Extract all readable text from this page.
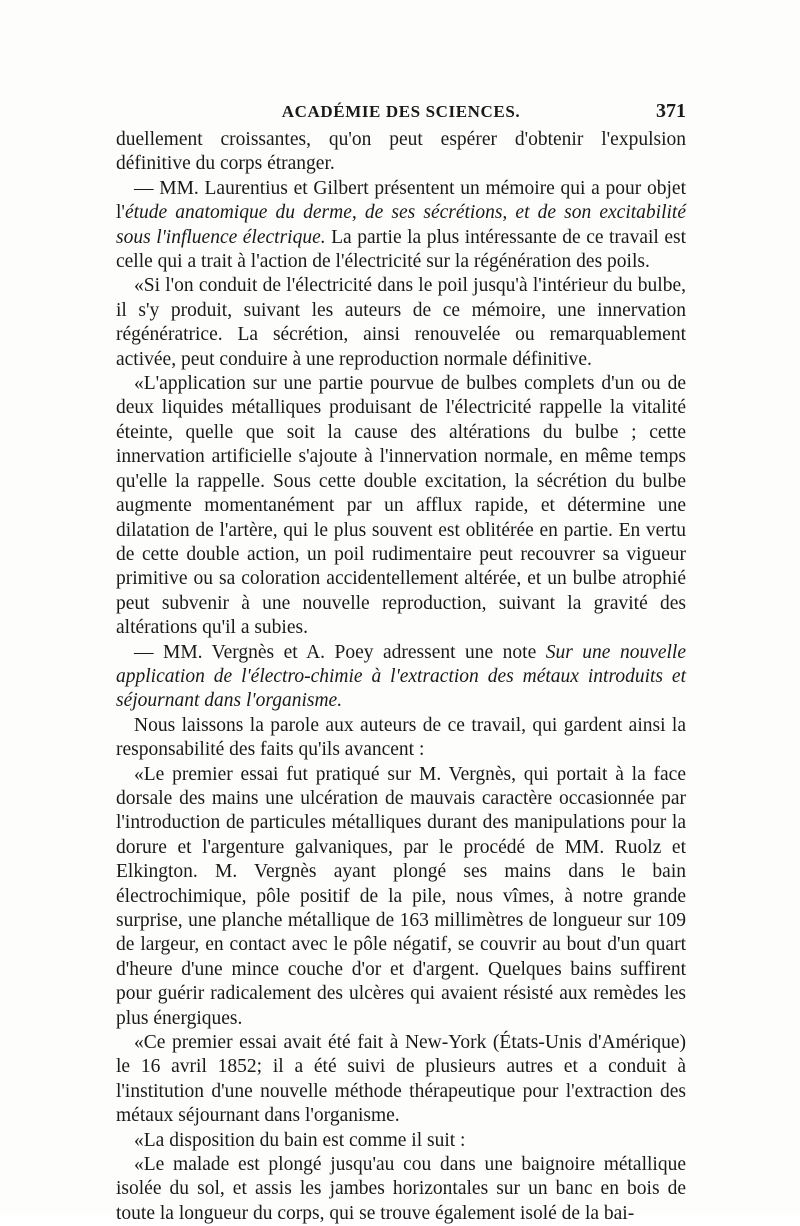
ACADÉMIE DES SCIENCES.	371

duellement croissantes, qu'on peut espérer d'obtenir l'expulsion définitive du corps étranger.

— MM. Laurentius et Gilbert présentent un mémoire qui a pour objet l'étude anatomique du derme, de ses sécrétions, et de son excitabilité sous l'influence électrique. La partie la plus intéressante de ce travail est celle qui a trait à l'action de l'électricité sur la régénération des poils.

«Si l'on conduit de l'électricité dans le poil jusqu'à l'intérieur du bulbe, il s'y produit, suivant les auteurs de ce mémoire, une innervation régénératrice. La sécrétion, ainsi renouvelée ou remarquablement activée, peut conduire à une reproduction normale définitive.

«L'application sur une partie pourvue de bulbes complets d'un ou de deux liquides métalliques produisant de l'électricité rappelle la vitalité éteinte, quelle que soit la cause des altérations du bulbe ; cette innervation artificielle s'ajoute à l'innervation normale, en même temps qu'elle la rappelle. Sous cette double excitation, la sécrétion du bulbe augmente momentanément par un afflux rapide, et détermine une dilatation de l'artère, qui le plus souvent est oblitérée en partie. En vertu de cette double action, un poil rudimentaire peut recouvrer sa vigueur primitive ou sa coloration accidentellement altérée, et un bulbe atrophié peut subvenir à une nouvelle reproduction, suivant la gravité des altérations qu'il a subies.

— MM. Vergnès et A. Poey adressent une note Sur une nouvelle application de l'électro-chimie à l'extraction des métaux introduits et séjournant dans l'organisme.

Nous laissons la parole aux auteurs de ce travail, qui gardent ainsi la responsabilité des faits qu'ils avancent :

«Le premier essai fut pratiqué sur M. Vergnès, qui portait à la face dorsale des mains une ulcération de mauvais caractère occasionnée par l'introduction de particules métalliques durant des manipulations pour la dorure et l'argenture galvaniques, par le procédé de MM. Ruolz et Elkington. M. Vergnès ayant plongé ses mains dans le bain électrochimique, pôle positif de la pile, nous vîmes, à notre grande surprise, une planche métallique de 163 millimètres de longueur sur 109 de largeur, en contact avec le pôle négatif, se couvrir au bout d'un quart d'heure d'une mince couche d'or et d'argent. Quelques bains suffirent pour guérir radicalement des ulcères qui avaient résisté aux remèdes les plus énergiques.

«Ce premier essai avait été fait à New-York (États-Unis d'Amérique) le 16 avril 1852; il a été suivi de plusieurs autres et a conduit à l'institution d'une nouvelle méthode thérapeutique pour l'extraction des métaux séjournant dans l'organisme.

«La disposition du bain est comme il suit :

«Le malade est plongé jusqu'au cou dans une baignoire métallique isolée du sol, et assis les jambes horizontales sur un banc en bois de toute la longueur du corps, qui se trouve également isolé de la bai-
